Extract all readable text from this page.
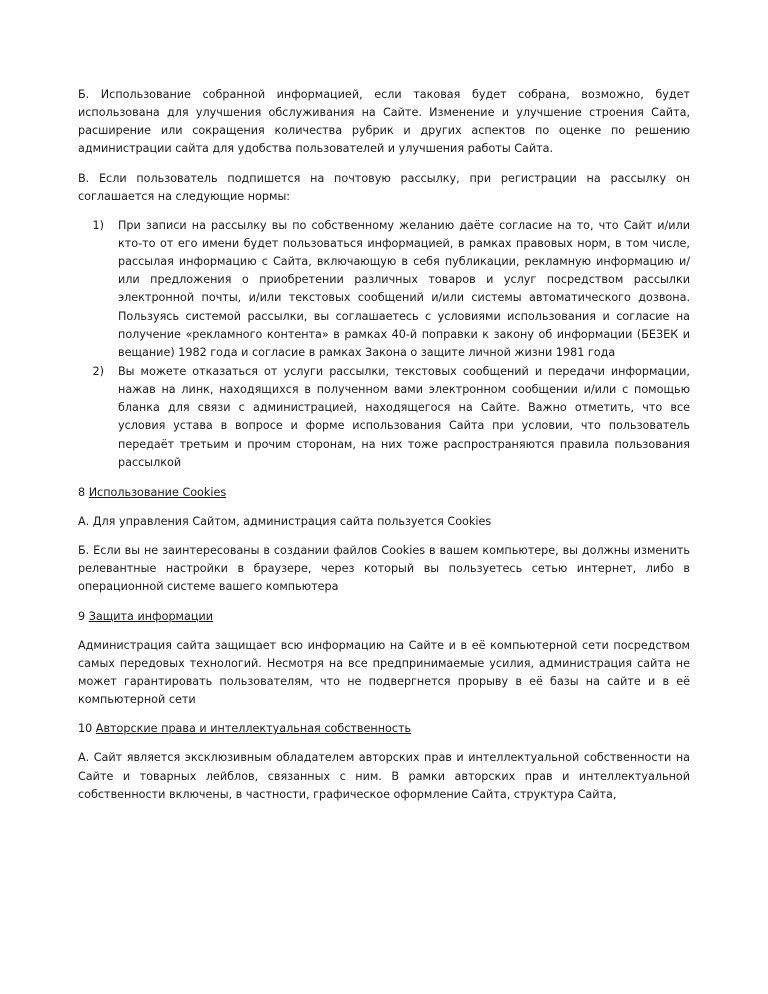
Б. Использование собранной информацией, если таковая будет собрана, возможно, будет использована для улучшения обслуживания на Сайте. Изменение и улучшение строения Сайта, расширение или сокращения количества рубрик и других аспектов по оценке по решению администрации сайта для удобства пользователей и улучшения работы Сайта.

В. Если пользователь подпишется на почтовую рассылку, при регистрации на рассылку он соглашается на следующие нормы:

1)	При записи на рассылку вы по собственному желанию даёте согласие на то, что Сайт и/или кто-то от его имени будет пользоваться информацией, в рамках правовых норм, в том числе, рассылая информацию с Сайта, включающую в себя публикации, рекламную информацию и/или предложения о приобретении различных товаров и услуг посредством рассылки электронной почты, и/или текстовых сообщений и/или системы автоматического дозвона. Пользуясь системой рассылки, вы соглашаетесь с условиями использования и согласие на получение «рекламного контента» в рамках 40-й поправки к закону об информации (БЕЗЕК и вещание) 1982 года и согласие в рамках Закона о защите личной жизни 1981 года
2)	Вы можете отказаться от услуги рассылки, текстовых сообщений и передачи информации, нажав на линк, находящихся в полученном вами электронном сообщении и/или с помощью бланка для связи с администрацией, находящегося на Сайте. Важно отметить, что все условия устава в вопросе и форме использования Сайта при условии, что пользователь передаёт третьим и прочим сторонам, на них тоже распространяются правила пользования рассылкой

8 Использование Cookies

А. Для управления Сайтом, администрация сайта пользуется Cookies

Б. Если вы не заинтересованы в создании файлов Cookies в вашем компьютере, вы должны изменить релевантные настройки в браузере, через который вы пользуетесь сетью интернет, либо в операционной системе вашего компьютера

9 Защита информации

Администрация сайта защищает всю информацию на Сайте и в её компьютерной сети посредством самых передовых технологий. Несмотря на все предпринимаемые усилия, администрация сайта не может гарантировать пользователям, что не подвергнется прорыву в её базы на сайте и в её компьютерной сети

10 Авторские права и интеллектуальная собственность

А. Сайт является эксклюзивным обладателем авторских прав и интеллектуальной собственности на Сайте и товарных лейблов, связанных с ним. В рамки авторских прав и интеллектуальной собственности включены, в частности, графическое оформление Сайта, структура Сайта,
